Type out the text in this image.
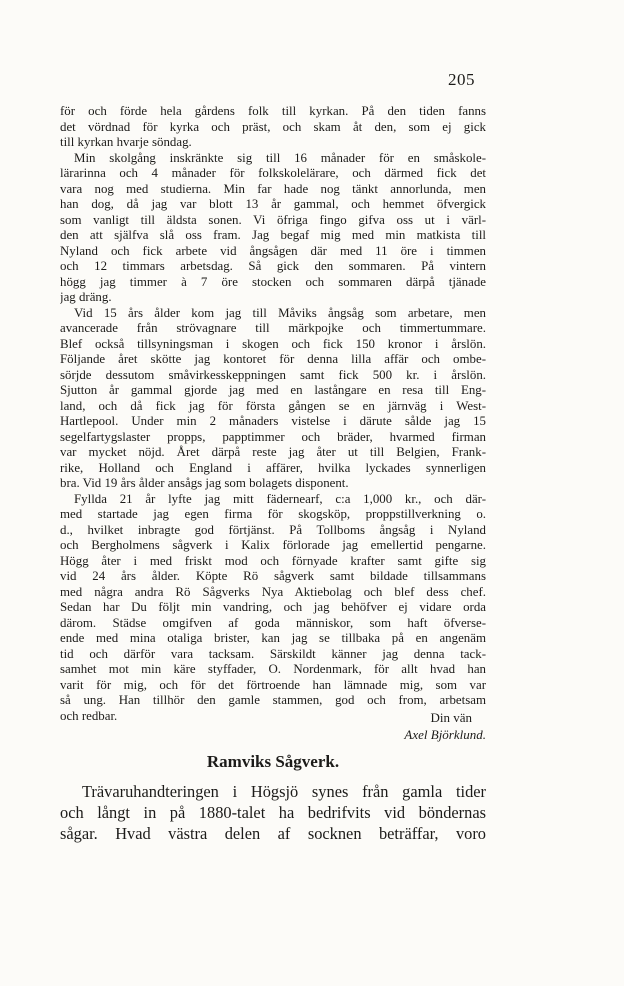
205
för och förde hela gårdens folk till kyrkan. På den tiden fanns
det vördnad för kyrka och präst, och skam åt den, som ej gick
till kyrkan hvarje söndag.
Min skolgång inskränkte sig till 16 månader för en småskole-
lärarinna och 4 månader för folkskolelärare, och därmed fick det
vara nog med studierna. Min far hade nog tänkt annorlunda, men
han dog, då jag var blott 13 år gammal, och hemmet öfvergick
som vanligt till äldsta sonen. Vi öfriga fingo gifva oss ut i värl-
den att själfva slå oss fram. Jag begaf mig med min matkista till
Nyland och fick arbete vid ångsågen där med 11 öre i timmen
och 12 timmars arbetsdag. Så gick den sommaren. På vintern
högg jag timmer à 7 öre stocken och sommaren därpå tjänade
jag dräng.
Vid 15 års ålder kom jag till Måviks ångsåg som arbetare, men
avancerade från strövagnare till märkpojke och timmertummare.
Blef också tillsyningsman i skogen och fick 150 kronor i årslön.
Följande året skötte jag kontoret för denna lilla affär och ombe-
sörjde dessutom småvirkesskeppningen samt fick 500 kr. i årslön.
Sjutton år gammal gjorde jag med en lastångare en resa till Eng-
land, och då fick jag för första gången se en järnväg i West-
Hartlepool. Under min 2 månaders vistelse i därute sålde jag 15
segelfartygslaster propps, papptimmer och bräder, hvarmed firman
var mycket nöjd. Året därpå reste jag åter ut till Belgien, Frank-
rike, Holland och England i affärer, hvilka lyckades synnerligen
bra. Vid 19 års ålder ansågs jag som bolagets disponent.
Fyllda 21 år lyfte jag mitt fädernearf, c:a 1,000 kr., och där-
med startade jag egen firma för skogsköp, proppstillverkning o.
d., hvilket inbragte god förtjänst. På Tollboms ångsåg i Nyland
och Bergholmens sågverk i Kalix förlorade jag emellertid pengarne.
Högg åter i med friskt mod och förnyade krafter samt gifte sig
vid 24 års ålder. Köpte Rö sågverk samt bildade tillsammans
med några andra Rö Sågverks Nya Aktiebolag och blef dess chef.
Sedan har Du följt min vandring, och jag behöfver ej vidare orda
därom. Städse omgifven af goda människor, som haft öfverse-
ende med mina otaliga brister, kan jag se tillbaka på en angenäm
tid och därför vara tacksam. Särskildt känner jag denna tack-
samhet mot min käre styffader, O. Nordenmark, för allt hvad han
varit för mig, och för det förtroende han lämnade mig, som var
så ung. Han tillhör den gamle stammen, god och from, arbetsam
och redbar.	Din vän
Axel Björklund.
Ramviks Sågverk.
Trävaruhandteringen i Högsjö synes från gamla tider
och långt in på 1880-talet ha bedrifvits vid böndernas
sågar. Hvad västra delen af socknen beträffar, voro
